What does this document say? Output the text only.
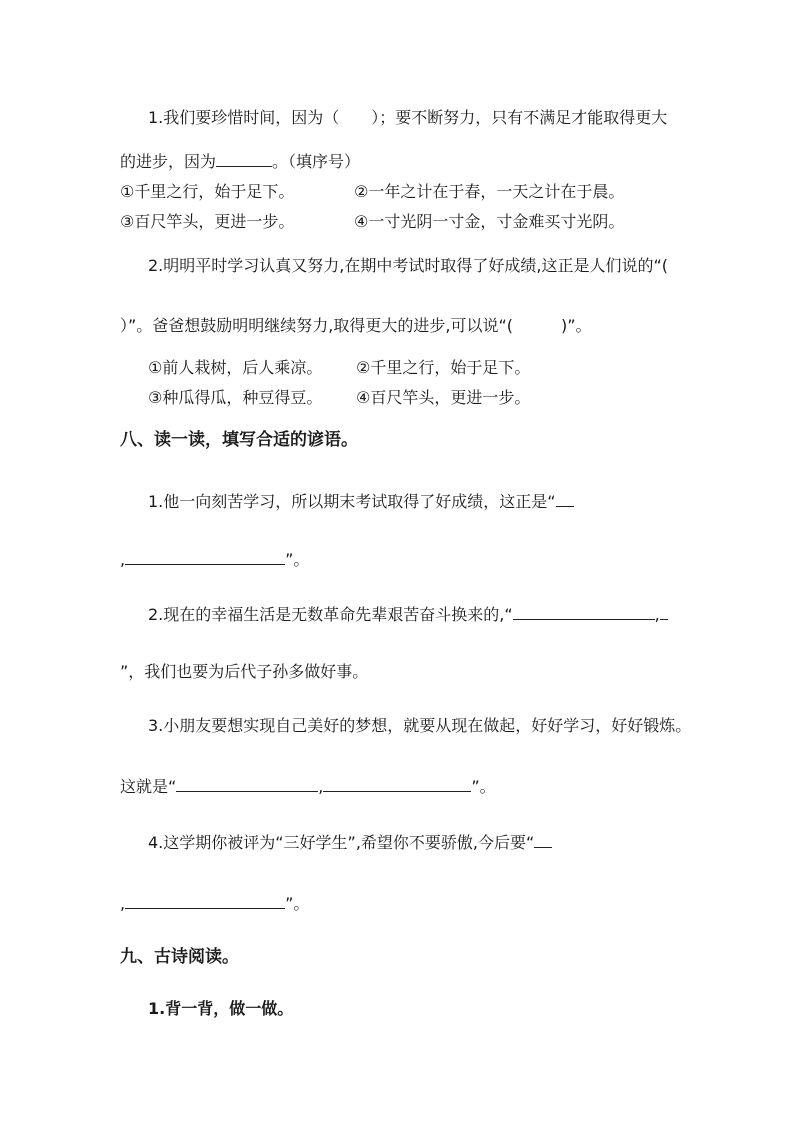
1.我们要珍惜时间，因为（　　）；要不断努力，只有不满足才能取得更大
的进步，因为	。（填序号）
①千里之行，始于足下。	②一年之计在于春，一天之计在于晨。
③百尺竿头，更进一步。	④一寸光阴一寸金，寸金难买寸光阴。
2.明明平时学习认真又努力,在期中考试时取得了好成绩,这正是人们说的“(
）”。爸爸想鼓励明明继续努力,取得更大的进步,可以说“(　　　)”。
①前人栽树，后人乘凉。 ②千里之行，始于足下。
③种瓜得瓜，种豆得豆。 ④百尺竿头，更进一步。
八、读一读，填写合适的谚语。
1.他一向刻苦学习，所以期末考试取得了好成绩，这正是“
,	”。
2.现在的幸福生活是无数革命先辈艰苦奋斗换来的,“	,
”，我们也要为后代子孙多做好事。
3.小朋友要想实现自己美好的梦想，就要从现在做起，好好学习，好好锻炼。
这就是“	,	”。
4.这学期你被评为“三好学生”,希望你不要骄傲,今后要“
,	”。
九、古诗阅读。
1.背一背，做一做。
